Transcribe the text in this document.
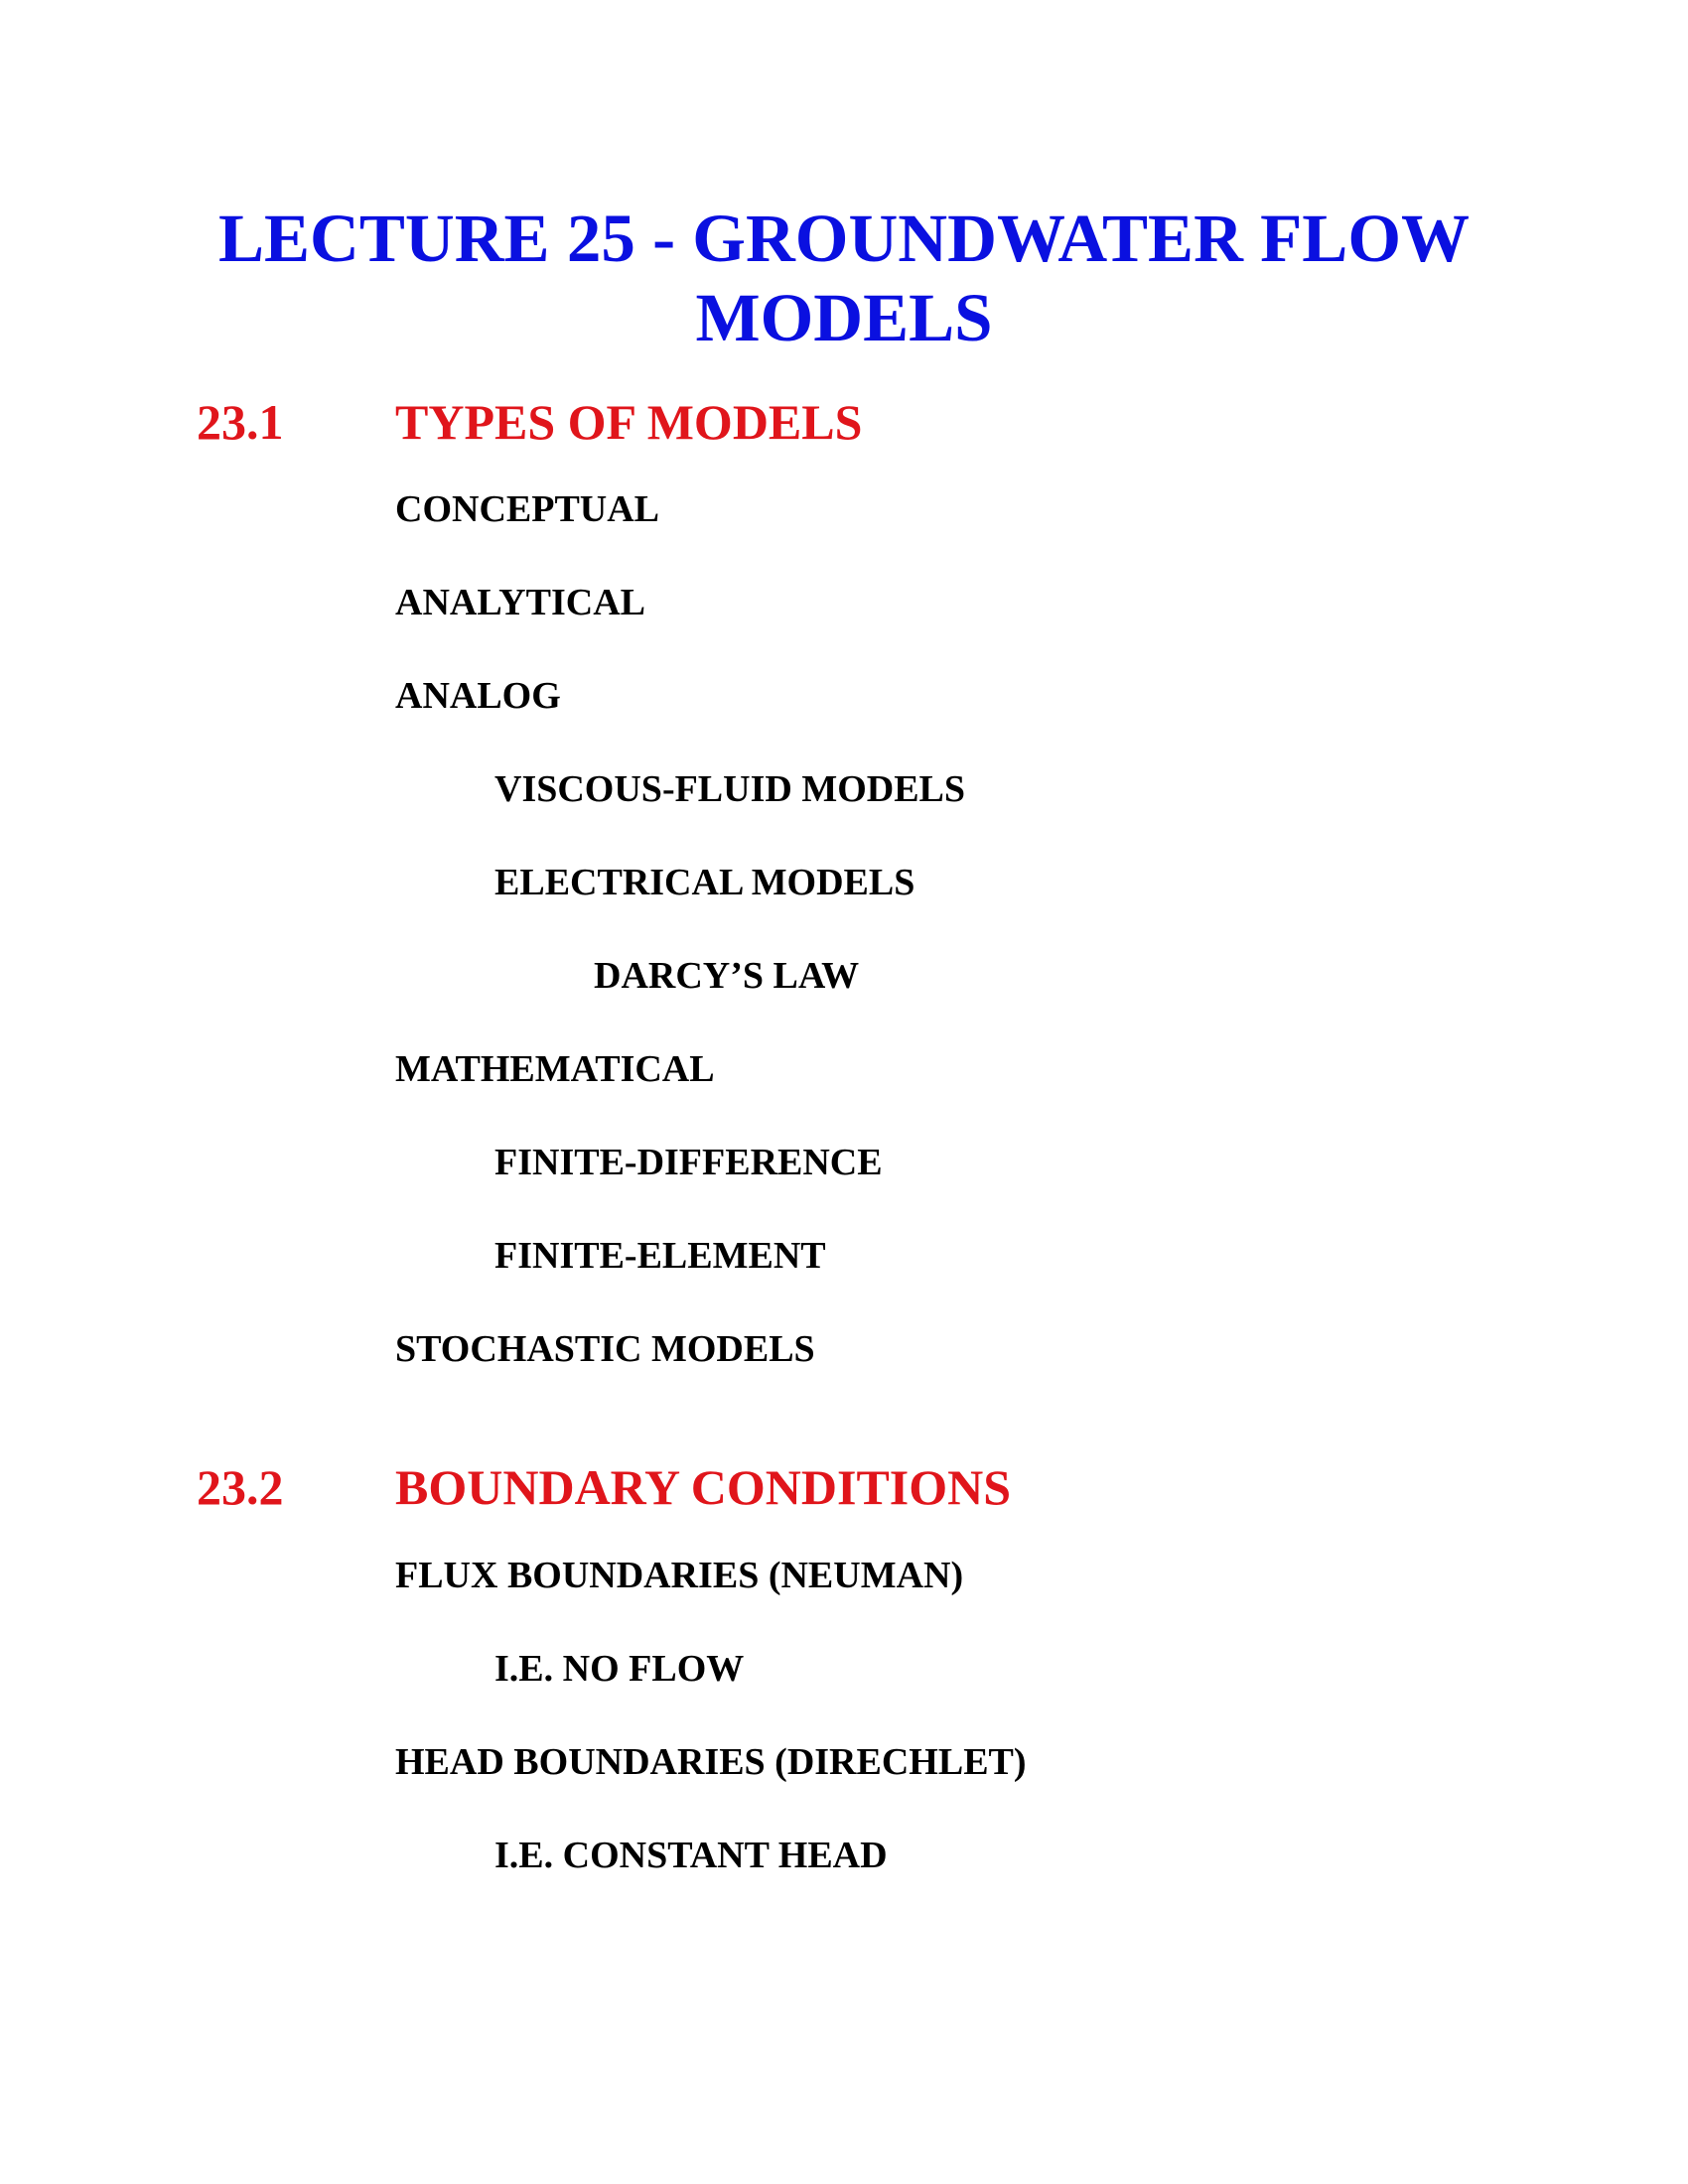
LECTURE 25 - GROUNDWATER FLOW
MODELS
23.1 TYPES OF MODELS
CONCEPTUAL
ANALYTICAL
ANALOG
VISCOUS-FLUID MODELS
ELECTRICAL MODELS
DARCY’S LAW
MATHEMATICAL
FINITE-DIFFERENCE
FINITE-ELEMENT
STOCHASTIC MODELS
23.2 BOUNDARY CONDITIONS
FLUX BOUNDARIES (NEUMAN)
I.E. NO FLOW
HEAD BOUNDARIES (DIRECHLET)
I.E. CONSTANT HEAD
